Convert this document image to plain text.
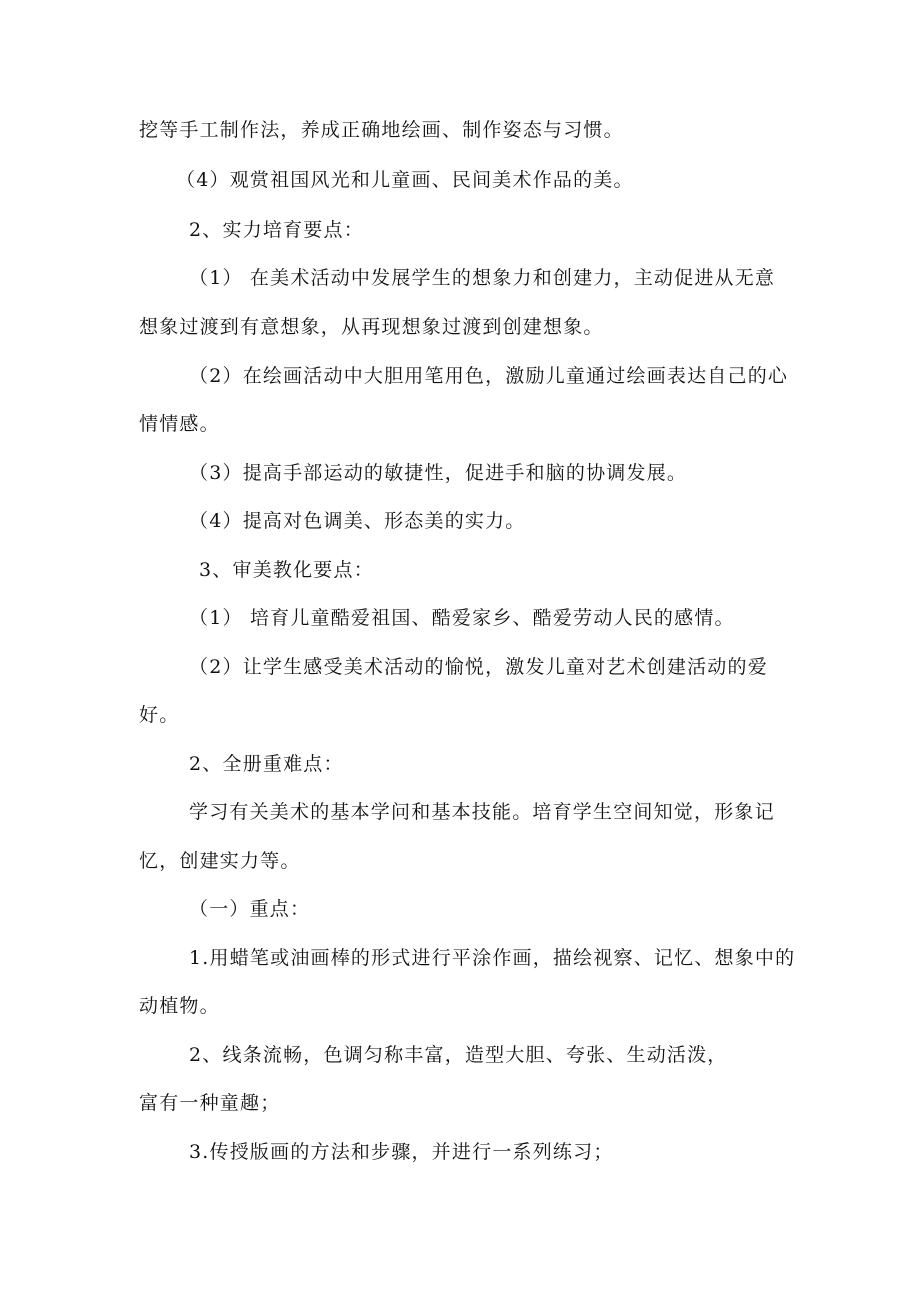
挖等手工制作法，养成正确地绘画、制作姿态与习惯。
（4）观赏祖国风光和儿童画、民间美术作品的美。
2、实力培育要点：
（1） 在美术活动中发展学生的想象力和创建力，主动促进从无意
想象过渡到有意想象，从再现想象过渡到创建想象。
（2）在绘画活动中大胆用笔用色，激励儿童通过绘画表达自己的心
情情感。
（3）提高手部运动的敏捷性，促进手和脑的协调发展。
（4）提高对色调美、形态美的实力。
3、审美教化要点：
（1） 培育儿童酷爱祖国、酷爱家乡、酷爱劳动人民的感情。
（2）让学生感受美术活动的愉悦，激发儿童对艺术创建活动的爱
好。
2、全册重难点：
学习有关美术的基本学问和基本技能。培育学生空间知觉，形象记
忆，创建实力等。
（一）重点：
1.用蜡笔或油画棒的形式进行平涂作画，描绘视察、记忆、想象中的
动植物。
2、线条流畅，色调匀称丰富，造型大胆、夸张、生动活泼，
富有一种童趣；
3.传授版画的方法和步骤，并进行一系列练习；
